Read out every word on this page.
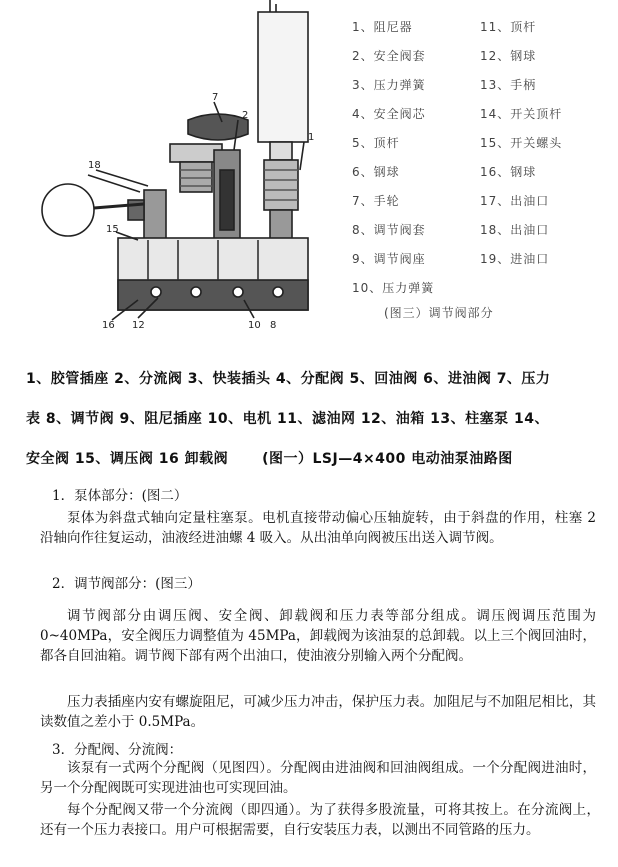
7
2
18
1
15
16 12	10 8
1、阻尼器	11、顶杆
2、安全阀套	12、钢球
3、压力弹簧	13、手柄
4、安全阀芯	14、开关顶杆
5、顶杆	15、开关螺头
6、钢球	16、钢球
7、手轮	17、出油口
8、调节阀套	18、出油口
9、调节阀座	19、进油口
10、压力弹簧
(图三）调节阀部分
1、胶管插座 2、分流阀 3、快装插头 4、分配阀 5、回油阀 6、进油阀 7、压力
表 8、调节阀 9、阻尼插座 10、电机 11、滤油网 12、油箱 13、柱塞泵 14、
安全阀 15、调压阀 16 卸载阀 (图一）LSJ—4×400 电动油泵油路图
1．泵体部分：(图二）

泵体为斜盘式轴向定量柱塞泵。电机直接带动偏心压轴旋转，由于斜盘的作用，柱塞 2 沿轴向作往复运动，油液经进油螺 4 吸入。从出油单向阀被压出送入调节阀。

2．调节阀部分：(图三）

调节阀部分由调压阀、安全阀、卸载阀和压力表等部分组成。调压阀调压范围为 0~40MPa，安全阀压力调整值为 45MPa，卸载阀为该油泵的总卸载。以上三个阀回油时，都各自回油箱。调节阀下部有两个出油口，使油液分别输入两个分配阀。

压力表插座内安有螺旋阻尼，可减少压力冲击，保护压力表。加阻尼与不加阻尼相比，其读数值之差小于 0.5MPa。

3．分配阀、分流阀：

该泵有一式两个分配阀（见图四）。分配阀由进油阀和回油阀组成。一个分配阀进油时，另一个分配阀既可实现进油也可实现回油。

每个分配阀又带一个分流阀（即四通）。为了获得多股流量，可将其按上。在分流阀上，还有一个压力表接口。用户可根据需要，自行安装压力表，以测出不同管路的压力。
